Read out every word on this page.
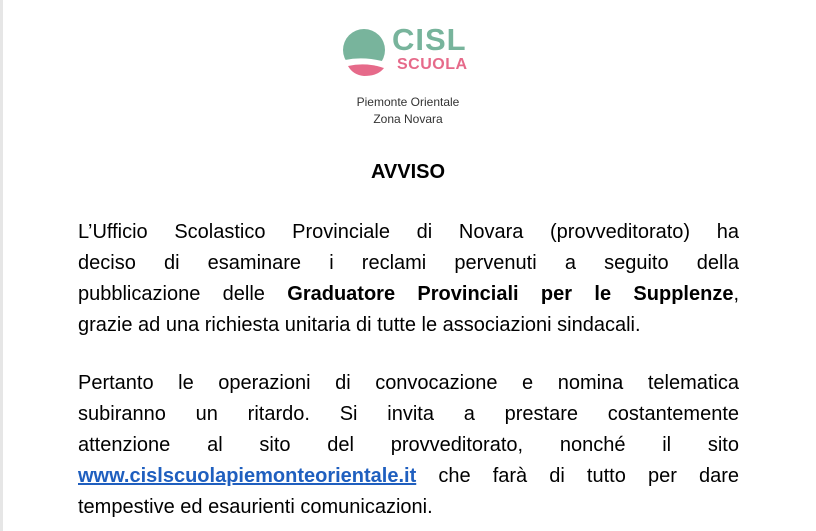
CISL
SCUOLA
Piemonte Orientale
Zona Novara
AVVISO
L’Ufficio Scolastico Provinciale di Novara (provveditorato) ha
deciso di esaminare i reclami pervenuti a seguito della
pubblicazione delle Graduatore Provinciali per le Supplenze,
grazie ad una richiesta unitaria di tutte le associazioni sindacali.
Pertanto le operazioni di convocazione e nomina telematica
subiranno un ritardo. Si invita a prestare costantemente
attenzione al sito del provveditorato, nonché il sito
www.cislscuolapiemonteorientale.it che farà di tutto per dare
tempestive ed esaurienti comunicazioni.
